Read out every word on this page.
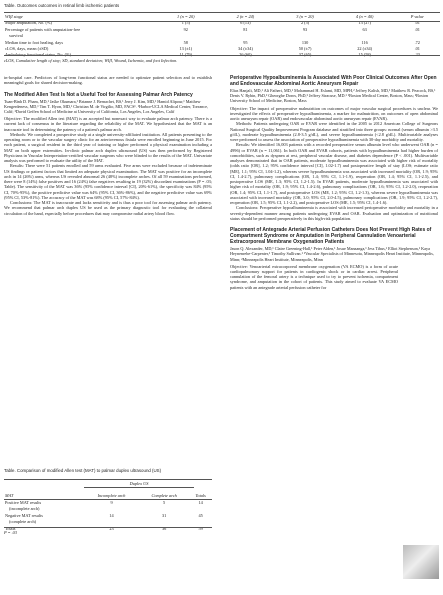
Table. Outcomes outcomes in retinal limb ischemic patients
WIfI stage	1 (n = 20)	2 (n = 24)	3 (n = 20)	4 (n = 40)	P value
Major amputation, No. (%)	1 (5)	6 (13)	2 (5)	13 (27)	.01
Percentage of patients with amputation-free	92	81	93	63	.01
survival					
Median time to foot healing, days	58	95	130	116	.72
cLOS, days, mean (±SD)	13 (±1)	34 (±34)	50 (±7)	22 (±34)	.01
Ambulatory functional status, No. (%)	11 (79)	26 (60)	37 (65)	15 (58)	.23
cLOS, Cumulative length of stay; SD, standard deviation; WIfI, Wound, Ischemia, and foot Infection.

in-hospital care. Predictors of long-term functional status are needed to optimize patient selection and to establish meaningful goals for shared decision-making.

The Modified Allen Test Is Not a Useful Tool for Assessing Palmar Arch Patency
Tuan-Bình D. Pham, MD,¹ Jaśke Okumara,¹ Brianne J. Bernachet, BS,¹ Jerry J. Kim, MD,¹ Hamid Alipour,¹ Matthew Kengerdeness, MD,¹ Tim T. Hyon, MD,¹ Christian M. de Virgilio, MD, FACS¹. ¹Harbor-UCLA Medical Center, Torrance, Calif; ²David Geffen School of Medicine at University of California, Los Angeles, Los Angeles, Calif

Objective: The modified Allen test (MAT) is an accepted but nonexact way to evaluate palmar arch patency. There is a current lack of consensus in the literature regarding the reliability of the MAT. We hypothesized that the MAT is an inaccurate tool in determining the patency of a patient's palmar arch.

Methods: We completed a prospective study at a single university-affiliated institution. All patients presenting to the operating room or to the vascular surgery clinic for an arteriovenous fistula were enrolled beginning in June 2015. For each patient, a surgical resident in the third year of training or higher performed a physical examination including a MAT on both upper extremities. In-clinic palmar arch duplex ultrasound (US) was then performed by Registered Physicians in Vascular Interpretation-certified vascular surgeons who were blinded to the results of the MAT. Univariate analysis was performed to evaluate the utility of the MAT.

Results: There were 51 patients enrolled and 59 arms evaluated. Five arms were excluded because of indeterminate US findings or patient factors that limited an adequate physical examination. The MAT was positive for an incomplete arch in 14 (26%) arms, whereas US revealed abnormal 26 (48%) incomplete arches. Of all 59 examinations performed, there were 8 (14%) false positives and 16 (24%) false negatives resulting in 19 (32%) discordant examinations (P = .03; Table). The sensitivity of the MAT was 36% (95% confidence interval [CI], 20%-61%), the specificity was 84% (95% CI, 70%-95%), the positive predictive value was 64% (95% CI, 36%-86%), and the negative predictive value was 69% (95% CI, 53%-81%). The accuracy of the MAT was 68% (95% CI, 57%-84%).

Conclusions: The MAT is inaccurate and lacks sensitivity and is thus a poor tool for assessing palmar arch patency. We recommend that palmar arch duplex US be used as the primary diagnostic tool for evaluating the collateral circulation of the hand, especially before procedures that may compromise radial artery blood flow.

Table. Comparison of modified Allen test (MAT) to palmar duplex ultrasound (US)
Duplex US
MAT	Incomplete arch	Complete arch	Totals
Positive MAT results	9	5	14
(incomplete arch)			
Negative MAT results	14	31	45
(complete arch)			
Totals	23	36	59
P = .03
Perioperative Hypoalbuminemia Is Associated With Poor Clinical Outcomes After Open and Endovascular Abdominal Aortic Aneurysm Repair
Elias Hanjali, MD,¹ Ali Fatheri, MD,¹ Mohammad H. Eslami, MD, MPH,² Jeffrey Kalish, MD,¹ Matthew R. Peacock, BS,¹ Denis V. Rybin, PhD,³ Gheorghe Doros, PhD,³ Jeffrey Siracuse, MD.¹ ¹Boston Medical Center, Boston, Mass; ²Boston University School of Medicine, Boston, Mass

Objective: The impact of preoperative malnutrition on outcomes of major vascular surgical procedures is unclear. We investigated the effects of preoperative hypoalbuminemia, a marker for malnutrition, on outcomes of open abdominal aortic aneurysm repair (OAR) and endovascular abdominal aortic aneurysm repair (EVAR).

Methods: Patients undergoing OAR or EVAR were identified in the 2005 to 2012 American College of Surgeons National Surgical Quality Improvement Program database and stratified into three groups: normal (serum albumin >3.5 g/dL), moderate hypoalbuminemia (2.8-3.5 g/dL), and severe hypoalbuminemia (<2.8 g/dL). Multivariable analyses were performed to assess the association of preoperative hypoalbuminemia with 30-day morbidity and mortality.

Results: We identified 16,003 patients with a recorded preoperative serum albumin level who underwent OAR (n = 4996) or EVAR (n = 11,061). In both OAR and EVAR cohorts, patients with hypoalbuminemia had higher burden of comorbidities, such as dyspnea at rest, peripheral vascular disease, and diabetes dependence (P < .001). Multivariable analyses demonstrated that in OAR patients, moderate hypoalbuminemia was associated with higher risk of mortality (odds ratio [OR], 1.2; 95% confidence interval [CI], 1.02-1.7) and postoperative length of stay (LOS; estimate ratio [ME], 1.1; 95% CI, 1.04-1.2), whereas severe hypoalbuminemia was associated with increased mortality (OR, 1.9; 95% CI, 1.4-2.7), pulmonary complications (OR, 1.4; 95% CI, 1.1-1.9), reoperation (OR, 1.4; 95% CI, 1.1-2.5), and postoperative LOS (ME, 1.3; 95% CI, 1.2-1.5). In EVAR patients, moderate hypoalbuminemia was associated with higher risk of mortality (OR, 1.9; 95% CI, 1.4-2.6), pulmonary complications (OR, 1.6; 95% CI, 1.2-2.0), reoperation (OR, 1.4; 95% CI, 1.1-1.7), and postoperative LOS (ME, 1.2; 95% CI, 1.2-1.3), whereas severe hypoalbuminemia was associated with increased mortality (OR, 3.0; 95% CI, 2.0-4.5), pulmonary complications (OR, 1.9; 95% CI, 1.2-2.7), reoperation (OR, 1.5; 95% CI, 1.1-2.2), and postoperative LOS (ME, 1.5; 95% CI, 1.4-1.6).

Conclusions: Preoperative hypoalbuminemia is associated with increased perioperative morbidity and mortality in a severity-dependent manner among patients undergoing EVAR and OAR. Evaluation and optimization of nutritional status should be performed preoperatively in this high-risk population.

Placement of Antegrade Arterial Perfusion Catheters Does Not Prevent High Rates of Compartment Syndrome or Amputation in Peripheral Cannulation Venoarterial Extracorporeal Membrane Oxygenation Patients
Jason Q. Alexander, MD,¹ Claire Greening-Hall,¹ Peter Alden,¹ Josue Manzanga,¹ Jess Tibus,¹ Elliot Stephenson,¹ Kaya Heynenrebe-Carpenter,¹ Timothy Sullivan.¹ ¹Vascular Specialists of Minnesota, Minneapolis Heart Institute, Minneapolis, Minn; ²Minneapolis Heart Institute, Minneapolis, Minn

Objective: Venoarterial extracorporeal membrane oxygenation (VA ECMO) is a form of acute cardiopulmonary support for patients in cardiogenic shock or in cardiac arrest. Peripheral cannulation of the femoral artery is a technique used to try to prevent ischemia, compartment syndrome, and amputation in the cohort of patients. This study aimed to evaluate VA ECMO patients with an antegrade arterial perfusion catheter for
